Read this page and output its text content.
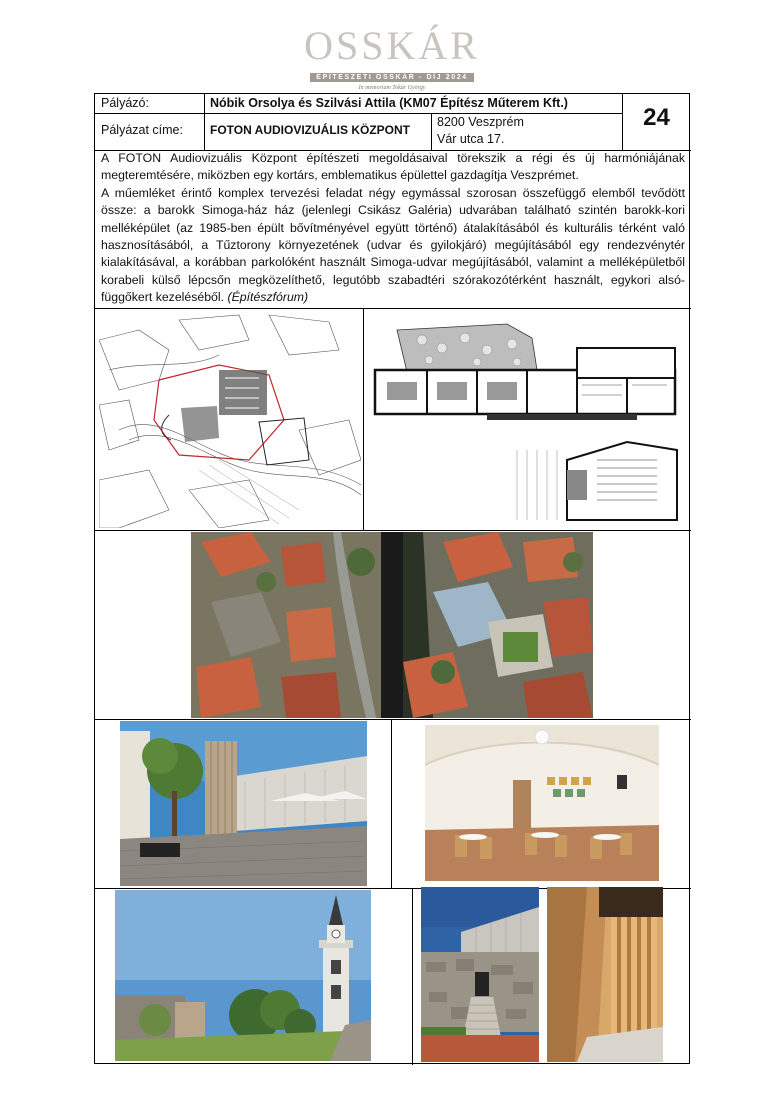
OSSKÁR
ÉPÍTÉSZETI OSSKÁR - DÍJ 2024
In memoriam Tokár György
Pályázó:	Nóbik Orsolya és Szilvási Attila (KM07 Építész Műterem Kft.)
Pályázat címe: FOTON AUDIOVIZUÁLIS KÖZPONT
8200 Veszprém
Vár utca 17.
24

A FOTON Audiovizuális Központ építészeti megoldásaival törekszik a régi és új harmóniájának megteremtésére, miközben egy kortárs, emblematikus épülettel gazdagítja Veszprémet.

A műemléket érintő komplex tervezési feladat négy egymással szorosan összefüggő elemből tevődött össze: a barokk Simoga-ház ház (jelenlegi Csikász Galéria) udvarában található szintén barokk-kori melléképület (az 1985-ben épült bővítményével együtt történő) átalakításából és kulturális térként való hasznosításából, a Tűztorony környezetének (udvar és gyilokjáró) megújításából egy rendezvénytér kialakításával, a korábban parkolóként használt Simoga-udvar megújításából, valamint a melléképületből korabeli külső lépcsőn megközelíthető, legutóbb szabadtéri szórakozótérként használt, egykori alsó-függőkert kezeléséből. (Építészfórum)
